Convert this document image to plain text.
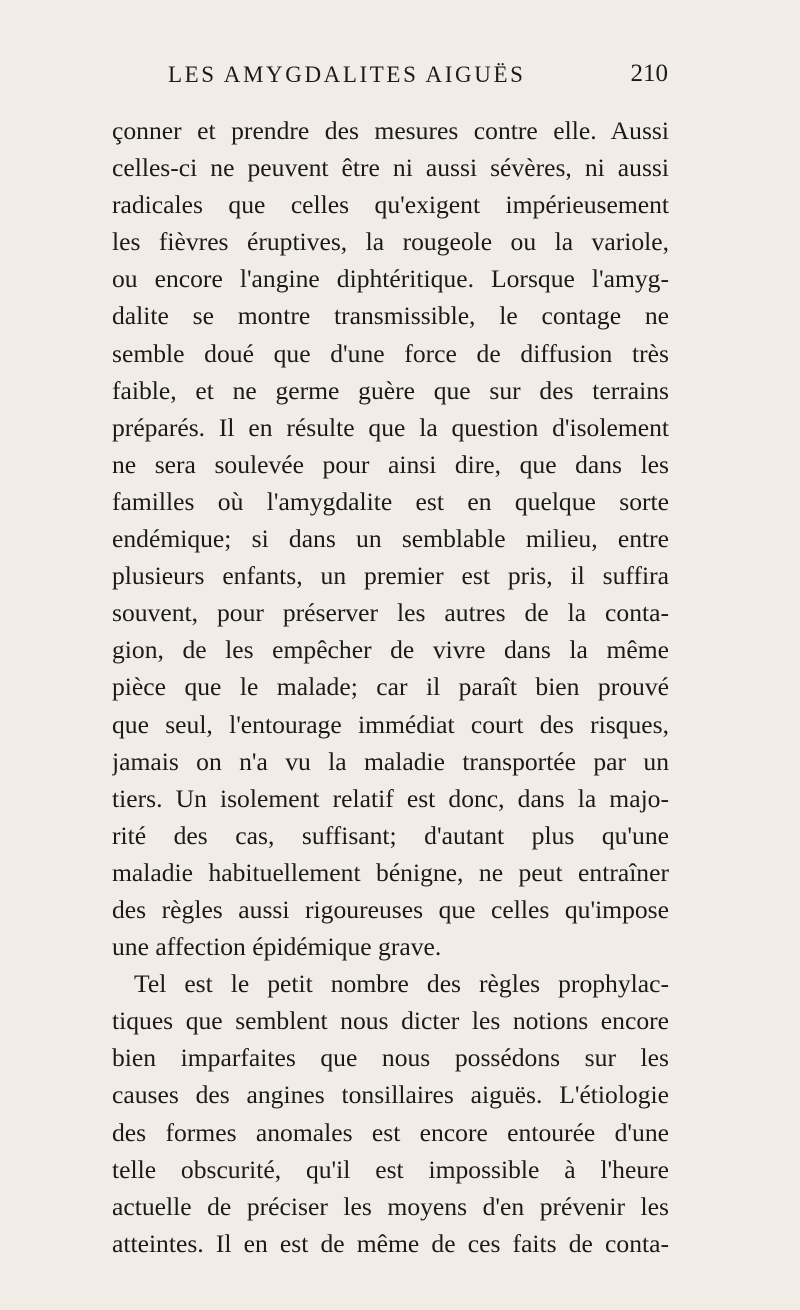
LES AMYGDALITES AIGUËS	210
çonner et prendre des mesures contre elle. Aussi
celles-ci ne peuvent être ni aussi sévères, ni aussi
radicales que celles qu'exigent impérieusement
les fièvres éruptives, la rougeole ou la variole,
ou encore l'angine diphtéritique. Lorsque l'amyg-
dalite se montre transmissible, le contage ne
semble doué que d'une force de diffusion très
faible, et ne germe guère que sur des terrains
préparés. Il en résulte que la question d'isolement
ne sera soulevée pour ainsi dire, que dans les
familles où l'amygdalite est en quelque sorte
endémique; si dans un semblable milieu, entre
plusieurs enfants, un premier est pris, il suffira
souvent, pour préserver les autres de la conta-
gion, de les empêcher de vivre dans la même
pièce que le malade; car il paraît bien prouvé
que seul, l'entourage immédiat court des risques,
jamais on n'a vu la maladie transportée par un
tiers. Un isolement relatif est donc, dans la majo-
rité des cas, suffisant; d'autant plus qu'une
maladie habituellement bénigne, ne peut entraîner
des règles aussi rigoureuses que celles qu'impose
une affection épidémique grave.
Tel est le petit nombre des règles prophylac-
tiques que semblent nous dicter les notions encore
bien imparfaites que nous possédons sur les
causes des angines tonsillaires aiguës. L'étiologie
des formes anomales est encore entourée d'une
telle obscurité, qu'il est impossible à l'heure
actuelle de préciser les moyens d'en prévenir les
atteintes. Il en est de même de ces faits de conta-
